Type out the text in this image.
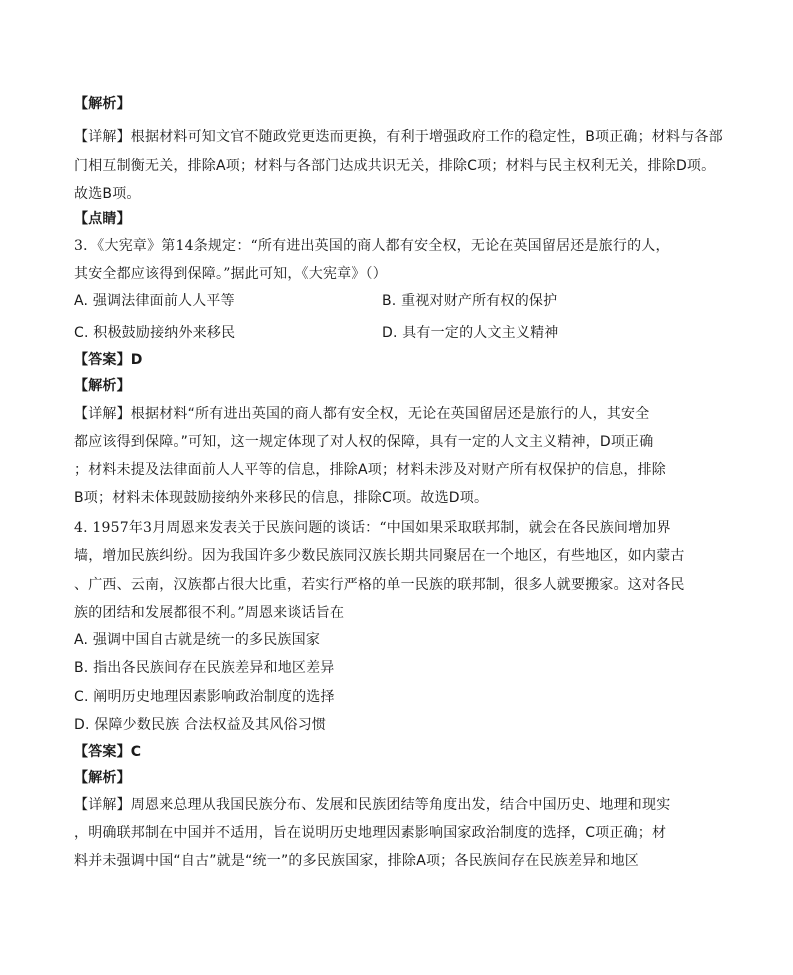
【解析】
【详解】根据材料可知文官不随政党更迭而更换，有利于增强政府工作的稳定性，B项正确；材料与各部
门相互制衡无关，排除A项；材料与各部门达成共识无关，排除C项；材料与民主权利无关，排除D项。
故选B项。
【点睛】
3．《大宪章》第14条规定：“所有进出英国的商人都有安全权，无论在英国留居还是旅行的人，
其安全都应该得到保障。”据此可知，《大宪章》（）
A. 强调法律面前人人平等	B. 重视对财产所有权的保护
C. 积极鼓励接纳外来移民	D. 具有一定的人文主义精神
【答案】D
【解析】
【详解】根据材料“所有进出英国的商人都有安全权，无论在英国留居还是旅行的人，其安全
都应该得到保障。”可知，这一规定体现了对人权的保障，具有一定的人文主义精神，D项正确
；材料未提及法律面前人人平等的信息，排除A项；材料未涉及对财产所有权保护的信息，排除
B项；材料未体现鼓励接纳外来移民的信息，排除C项。故选D项。
4. 1957年3月周恩来发表关于民族问题的谈话：“中国如果采取联邦制，就会在各民族间增加界
墙，增加民族纠纷。因为我国许多少数民族同汉族长期共同聚居在一个地区，有些地区，如内蒙古
、广西、云南，汉族都占很大比重，若实行严格的单一民族的联邦制，很多人就要搬家。这对各民
族的团结和发展都很不利。”周恩来谈话旨在
A. 强调中国自古就是统一的多民族国家
B. 指出各民族间存在民族差异和地区差异
C. 阐明历史地理因素影响政治制度的选择
D. 保障少数民族 合法权益及其风俗习惯
【答案】C
【解析】
【详解】周恩来总理从我国民族分布、发展和民族团结等角度出发，结合中国历史、地理和现实
，明确联邦制在中国并不适用，旨在说明历史地理因素影响国家政治制度的选择，C项正确；材
料并未强调中国“自古”就是“统一”的多民族国家，排除A项；各民族间存在民族差异和地区
